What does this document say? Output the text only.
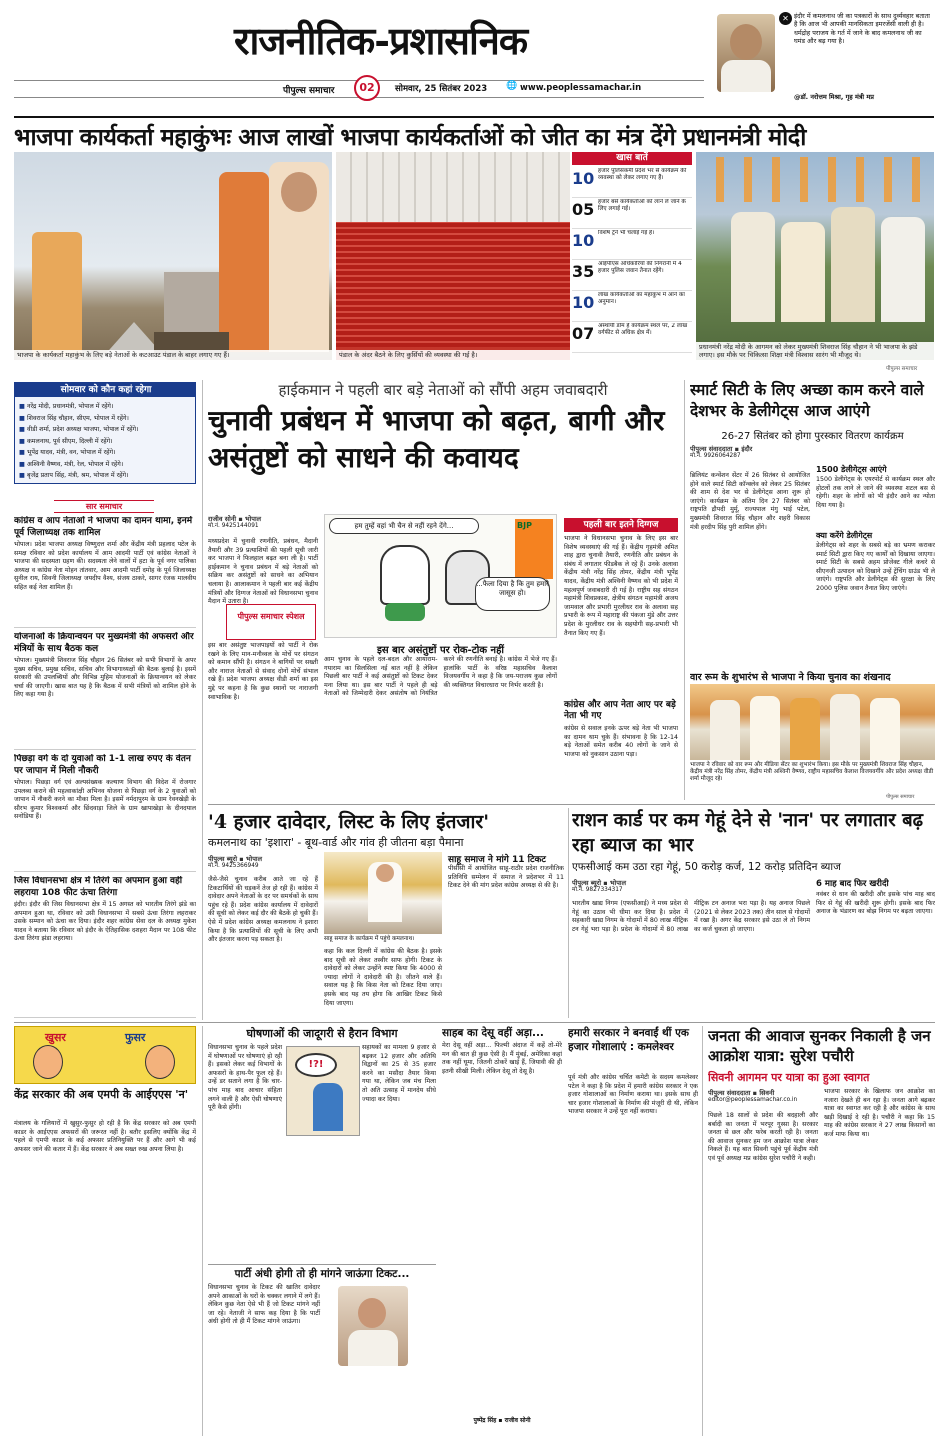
राजनीतिक-प्रशासनिक
पीपुल्स समाचार	02	सोमवार, 25 सितंबर 2023 🌐 www.peoplessamachar.in
✕ इंदौर में कमलनाथ जी का पत्रकारों के साथ दुर्व्यवहार बताता है कि आज भी आपकी मानसिकता इमरजेंसी वाली ही है। धर्मद्रोह पराजय के गर्त में जाने के बाद कमलनाथ जी का घमंड और बढ़ गया है।
@डॉ. नरोत्तम मिश्रा, गृह मंत्री मप्र
भाजपा कार्यकर्ता महाकुंभः आज लाखों भाजपा कार्यकर्ताओं को जीत का मंत्र देंगे प्रधानमंत्री मोदी
भाजपा के कार्यकर्ता महाकुंभ के लिए बड़े नेताओं के कटआउट पंडाल के बाहर लगाए गए हैं।	पंडाल के अंदर बैठने के लिए कुर्सियों की व्यवस्था की गई है।
खास बातें
10 हजार पुलिसकर्मी प्रदेश भर से कार्यक्रम की व्यवस्था को लेकर लगाए गए हैं।
05 हजार बसें कार्यकर्ताओं को लाने ले जाने के लिए लगाई गई।
10 विशेष ट्रेनें भी चलाई गई हैं।
35 आईपीएस अधिकारियों की निगरानी में 4 हजार पुलिस जवान तैनात रहेंगे।
10 लाख कार्यकर्ताओं का महाकुंभ में आने का अनुमान।
07 अस्थायी डोम हैं कार्यक्रम स्थल पर, 2 लाख वर्गफीट से अधिक क्षेत्र में।
प्रधानमंत्री नरेंद्र मोदी के आगमन को लेकर मुख्यमंत्री शिवराज सिंह चौहान ने भी भाजपा के झंडे लगाए। इस मौके पर चिकित्सा शिक्षा मंत्री विश्वास सारंग भी मौजूद थे।
पीपुल्स समाचार
सोमवार को कौन कहां रहेगा
■ नरेंद्र मोदी, प्रधानमंत्री, भोपाल में रहेंगे।
■ शिवराज सिंह चौहान, सीएम, भोपाल में रहेंगे।
■ वीडी शर्मा, प्रदेश अध्यक्ष भाजपा, भोपाल में रहेंगे।
■ कमलनाथ, पूर्व सीएम, दिल्ली में रहेंगे।
■ भूपेंद्र यादव, मंत्री, वन, भोपाल में रहेंगे।
■ अश्विनी वैष्णव, मंत्री, रेल, भोपाल में रहेंगे।
■ बृजेंद्र प्रताप सिंह, मंत्री, श्रम, भोपाल में रहेंगे।
सार समाचार
कांग्रेस व आप नेताओं ने भाजपा का दामन थामा, इनमें पूर्व जिलाध्यक्ष तक शामिल
भोपाल। प्रदेश भाजपा अध्यक्ष विष्णुदत्त शर्मा और केंद्रीय मंत्री प्रहलाद पटेल के समक्ष रविवार को प्रदेश कार्यालय में आम आदमी पार्टी एवं कांग्रेस नेताओं ने भाजपा की सदस्यता ग्रहण की। सदस्यता लेने वालों में हटा के पूर्व नगर पालिका अध्यक्ष व कांग्रेस नेता मोहन तांतवार, आम आदमी पार्टी दमोह के पूर्व जिलाध्यक्ष सुनील राय, सिवनी जिलाध्यक्ष जयदीप वैश्य, संजय ठाकरे, सागर रंजक मालवीय सहित कई नेता शामिल हैं।
योजनाओं के क्रियान्वयन पर मुख्यमंत्री की अफसरों और मंत्रियों के साथ बैठक कल
भोपाल। मुख्यमंत्री शिवराज सिंह चौहान 26 सितंबर को सभी विभागों के अपर मुख्य सचिव, प्रमुख सचिव, सचिव और विभागाध्यक्षों की बैठक बुलाई है। इसमें सरकारी की उपलब्धियों और विभिन्न मुहिम योजनाओं के क्रियान्वयन को लेकर चर्चा की जाएगी। खास बात यह है कि बैठक में सभी मंत्रियों को शामिल होने के लिए कहा गया है।
पिछड़ा वर्ग के दो युवाओं को 1-1 लाख रुपए के वेतन पर जापान में मिली नौकरी
भोपाल। पिछड़ा वर्ग एवं अल्पसंख्यक कल्याण विभाग की विदेश में रोजगार उपलब्ध कराने की महत्वाकांक्षी अभिनव योजना से पिछड़ा वर्ग के 2 युवाओं को जापान में नौकरी करने का मौका मिला है। इसमें नर्मदापुरम के ग्राम रेवनखेड़ी के सौरभ कुमार विश्वकर्मा और छिंदवाड़ा जिले के ग्राम खापाखेड़ा के दीनदयाल सनोडिया हैं।
जिस विधानसभा क्षेत्र में तिरंगे का अपमान हुआ वहीं लहराया 108 फीट ऊंचा तिरंगा
इंदौर। इंदौर की जिस विधानसभा क्षेत्र में 15 अगस्त को भारतीय तिरंगे झंडे का अपमान हुआ था, रविवार को उसी विधानसभा में सबसे ऊंचा तिरंगा लहराकर उसके सम्मान को ऊंचा कर दिया। इंदौर शहर कांग्रेस सेवा दल के अध्यक्ष मुकेश यादव ने बताया कि रविवार को इंदौर के ऐतिहासिक दशहरा मैदान पर 108 फीट ऊंचा तिरंगा झंडा लहराया।
हाईकमान ने पहली बार बड़े नेताओं को सौंपी अहम जवाबदारी
चुनावी प्रबंधन में भाजपा को बढ़त, बागी और असंतुष्टों को साधने की कवायद
राजीव सोनी ▪ भोपाल
मो.नं. 9425144091
मध्यप्रदेश में चुनावी रणनीति, प्रबंधन, मैदानी तैयारी और 39 प्रत्याशियों की पहली सूची जारी कर भाजपा ने फिलहाल बढ़त बना ली है। पार्टी हाईकमान ने चुनाव प्रबंधन में बड़े नेताओं को सक्रिय कर असंतुष्टों को साधने का अभियान चलाया है। आलाकमान ने पहली बार कई केंद्रीय मंत्रियों और दिग्गज नेताओं को विधानसभा चुनाव मैदान में उतारा है।
पीपुल्स समाचार स्पेशल
इस बार असंतुष्ट भाजपाइयों को पार्टी ने रोक रखने के लिए मान-मनौव्वल के मोर्चे पर संगठन को कमान सौंपी है। संगठन ने बागियों पर सख्ती और नाराज नेताओं से संवाद दोनों मोर्चे संभाल रखे हैं। प्रदेश भाजपा अध्यक्ष वीडी शर्मा का इस मुद्दे पर कहना है कि कुछ स्थानों पर नाराजगी स्वाभाविक है।
हम तुम्हें वहां भी चैन से नहीं रहने देंगे...	BJP
...फैला दिया है कि तुम हमारे जासूस हो।
इस बार असंतुष्टों पर रोक-टोक नहीं
आम चुनाव के पहले दल-बदल और आयाराम-गयाराम का सिलसिला नई बात नहीं है लेकिन पिछली बार पार्टी ने कई असंतुष्टों को टिकट देकर मना लिया था। इस बार पार्टी ने पहले ही बड़े नेताओं को जिम्मेदारी देकर असंतोष को नियंत्रित करने की रणनीति बनाई है। कांग्रेस में भेजे गए हैं। हालांकि पार्टी के वरिष्ठ महासचिव कैलाश विजयवर्गीय ने कहा है कि जय-पराजय कुछ लोगों की व्यक्तिगत विचारधारा पर निर्भर करती है।
पहली बार इतने दिग्गज
भाजपा ने विधानसभा चुनाव के लिए इस बार विशेष व्यवस्थाएं की गई हैं। केंद्रीय गृहमंत्री अमित शाह द्वारा चुनावी तैयारी, रणनीति और प्रबंधन के संबंध में लगातार फीडबैक ले रहे हैं। उनके अलावा केंद्रीय मंत्री नरेंद्र सिंह तोमर, केंद्रीय मंत्री भूपेंद्र यादव, केंद्रीय मंत्री अश्विनी वैष्णव को भी प्रदेश में महत्वपूर्ण जवाबदारी दी गई है। राष्ट्रीय सह संगठन महामंत्री शिवप्रकाश, क्षेत्रीय संगठन महामंत्री अजय जामवाल और प्रभारी मुरलीधर राव के अलावा सह प्रभारी के रूप में महाराष्ट्र की पंकजा मुंडे और उत्तर प्रदेश के मुरलीधर राव के सहयोगी सह-प्रभारी भी तैनात किए गए हैं।
कांग्रेस और आप नेता आए पर बड़े नेता भी गए
कांग्रेस से सवाल इनके ऊपर बड़े नेता भी भाजपा का दामन थाम चुके हैं। संभावना है कि 12-14 बड़े नेताओं समेत करीब 40 लोगों के जाने से भाजपा को नुकसान उठाना पड़ा।
स्मार्ट सिटी के लिए अच्छा काम करने वाले देशभर के डेलीगेट्स आज आएंगे
26-27 सितंबर को होगा पुरस्कार वितरण कार्यक्रम
पीपुल्स संवाददाता ▪ इंदौर
मो.नं. 9926064287
ब्रिलियंट कन्वेंशन सेंटर में 26 सितंबर से आयोजित होने वाले स्मार्ट सिटी कॉन्क्लेव को लेकर 25 सितंबर की शाम से देश भर से डेलीगेट्स आना शुरू हो जाएंगे। कार्यक्रम के अंतिम दिन 27 सितंबर को राष्ट्रपति द्रौपदी मुर्मू, राज्यपाल मंगु भाई पटेल, मुख्यमंत्री शिवराज सिंह चौहान और शहरी विकास मंत्री हरदीप सिंह पुरी शामिल होंगे।
1500 डेलीगेट्स आएंगे
1500 डेलीगेट्स के एयरपोर्ट से कार्यक्रम स्थल और होटलों तक लाने ले जाने की व्यवस्था शटल बस से रहेगी। शहर के लोगों को भी इंदौर आने का न्योता दिया गया है।
क्या करेंगे डेलीगेट्स
डेलीगेट्स को शहर के सबसे बड़े का भ्रमण कराकर स्मार्ट सिटी द्वारा किए गए कार्यों को दिखाया जाएगा। स्मार्ट सिटी के सबसे अहम प्रोजेक्ट गीले कचरे से सीएनजी उत्पादन को दिखाने उन्हें ट्रेंचिंग ग्राउंड भी ले जाएंगे। राष्ट्रपति और डेलीगेट्स की सुरक्षा के लिए 2000 पुलिस जवान तैनात किए जाएंगे।
वार रूम के शुभारंभ से भाजपा ने किया चुनाव का शंखनाद
भाजपा ने रविवार को वार रूम और मीडिया सेंटर का शुभारंभ किया। इस मौके पर मुख्यमंत्री शिवराज सिंह चौहान, केंद्रीय मंत्री नरेंद्र सिंह तोमर, केंद्रीय मंत्री अश्विनी वैष्णव, राष्ट्रीय महासचिव कैलाश विजयवर्गीय और प्रदेश अध्यक्ष वीडी शर्मा मौजूद रहे।
पीपुल्स समाचार
'4 हजार दावेदार, लिस्ट के लिए इंतजार'
कमलनाथ का 'इशारा' - बूथ-वार्ड और गांव ही जीतना बड़ा पैमाना
पीपुल्स ब्यूरो ▪ भोपाल
मो.नं. 9425366949
जैसे-जैसे चुनाव करीब आते जा रहे हैं टिकटार्थियों की धड़कनें तेज हो रही हैं। कांग्रेस में दावेदार अपने नेताओं के दर पर समर्थकों के साथ पहुंच रहे हैं। प्रदेश कांग्रेस कार्यालय में दावेदारों की सूची को लेकर कई दौर की बैठकें हो चुकी हैं। ऐसे में प्रदेश कांग्रेस अध्यक्ष कमलनाथ ने इशारा किया है कि प्रत्याशियों की सूची के लिए अभी और इंतजार करना पड़ सकता है।	साहू समाज के कार्यक्रम में पहुंचे कमलनाथ।
कहा कि कल दिल्ली में कांग्रेस की बैठक है। इसके बाद सूची को लेकर तस्वीर साफ होगी। टिकट के दावेदारों को लेकर उन्होंने स्पष्ट किया कि 4000 से ज्यादा लोगों ने दावेदारी की है। जीतने वाले हैं। सवाल यह है कि किस नेता को टिकट दिया जाए। इसके बाद यह तय होगा कि आखिर टिकट किसे दिया जाएगा।
साहू समाज ने मांगे 11 टिकट
पीसीसी में आयोजित साहू-राठौर प्रदेश राजनीतिक प्रतिनिधि सम्मेलन में समाज ने प्रदेशभर में 11 टिकट देने की मांग प्रदेश कांग्रेस अध्यक्ष से की है।
राशन कार्ड पर कम गेहूं देने से 'नान' पर लगातार बढ़ रहा ब्याज का भार
एफसीआई कम उठा रहा गेहूं, 50 करोड़ कर्ज, 12 करोड़ प्रतिदिन ब्याज
पीपुल्स ब्यूरो ▪ भोपाल
मो.नं. 9827334317
भारतीय खाद्य निगम (एफसीआई) ने मध्य प्रदेश से गेहूं का उठाव भी धीमा कर दिया है। प्रदेश में सहकारी खाद्य निगम के गोदामों में 80 लाख मीट्रिक टन गेहूं भरा पड़ा है। प्रदेश के गोदामों में 80 लाख मीट्रिक टन अनाज भरा पड़ा है। यह अनाज पिछले (2021 से लेकर 2023 तक) तीन साल से गोदामों में रखा है। अगर केंद्र सरकार इसे उठा ले तो निगम का कर्ज चुकता हो जाएगा।
6 माह बाद फिर खरीदी
नवंबर से धान की खरीदी और इसके पांच माह बाद फिर से गेहूं की खरीदी शुरू होगी। इसके बाद फिर अनाज के भंडारण का बोझ निगम पर बढ़ता जाएगा।
खुसर	फुसर
केंद्र सरकार की अब एमपी के आईएएस 'न'
मंत्रालय के गलियारों में खुसुर-फुसुर हो रही है कि केंद्र सरकार को अब एमपी काडर के आईएएस अफसरों की जरूरत नहीं है। बतौर इसलिए क्योंकि केंद्र में पहले से एमपी काडर के कई अफसर प्रतिनियुक्ति पर हैं और आगे भी कई अफसर जाने की कतार में हैं। केंद्र सरकार ने अब सख्त रुख अपना लिया है।
घोषणाओं की जादूगरी से हैरान विभाग
विधानसभा चुनाव के पहले प्रदेश में घोषणाओं पर घोषणाएं हो रही हैं। इसको लेकर कई विभागों के अफसरों के हाथ-पैर फूल रहे हैं। उन्हें डर सताने लगा है कि चार-पांच माह बाद आचार संहिता लगने वाली है और ऐसी घोषणाएं पूरी कैसे होंगी।
!?!
सहायकों का मामला 9 हजार से बढ़कर 12 हजार और अतिथि विद्वानों का 25 से 35 हजार करने का मसौदा तैयार किया गया था, लेकिन जब मंच मिला तो अति उत्साह में मानदेय सीधे ज्यादा कर दिया।
पार्टी अंधी होगी तो ही मांगने जाऊंगा टिकट...
विधानसभा चुनाव के टिकट की खातिर दावेदार अपने आकाओं के घरों के चक्कर लगाने में लगे हैं। लेकिन कुछ नेता ऐसे भी हैं जो टिकट मांगने नहीं जा रहे। नेताजी ने साफ कह दिया है कि पार्टी अंधी होगी तो ही मैं टिकट मांगने जाऊंगा।
साहब का देसू वहीं अड़ा...
मेरा देसू वहीं अड़ा... फिल्मी अंदाज में कहें तो-मेरे मन की बात ही कुछ ऐसी है। मैं मुंबई, अमेरिका कहां तक नहीं घूमा, जितनी ठोकरें खाई हैं, जियावी की ही इतनी सीखी मिली। लेकिन देसू तो देसू है।
पुष्पेंद्र सिंह ▪ राजीव सोनी
हमारी सरकार ने बनवाईं थीं एक हजार गोशालाएं : कमलेश्वर
पूर्व मंत्री और कांग्रेस चर्चित कमेटी के सदस्य कमलेश्वर पटेल ने कहा है कि प्रदेश में हमारी कांग्रेस सरकार ने एक हजार गोशालाओं का निर्माण कराया था। इसके साथ ही चार हजार गोशालाओं के निर्माण की मंजूरी दी थी, लेकिन भाजपा सरकार ने उन्हें पूरा नहीं कराया।
जनता की आवाज सुनकर निकाली है जन आक्रोश यात्रा: सुरेश पचौरी
सिवनी आगमन पर यात्रा का हुआ स्वागत
पीपुल्स संवाददाता ▪ सिवनी
editor@peoplessamachar.co.in
पिछले 18 सालों से प्रदेश की बदहाली और बर्बादी का जनता में भरपूर गुस्सा है। सरकार जनता से छल और फरेब करती रही है। जनता की आवाज सुनकर हम जन आक्रोश यात्रा लेकर निकले हैं। यह बात सिवनी पहुंचे पूर्व केंद्रीय मंत्री एवं पूर्व अध्यक्ष मप्र कांग्रेस सुरेश पचौरी ने कही।
भाजपा सरकार के खिलाफ जन आक्रोश का नजारा देखते ही बन रहा है। जनता आगे बढ़कर यात्रा का स्वागत कर रही है और कांग्रेस के साथ खड़ी दिखाई दे रही है। पचौरी ने कहा कि 15 माह की कांग्रेस सरकार ने 27 लाख किसानों का कर्ज माफ किया था।
